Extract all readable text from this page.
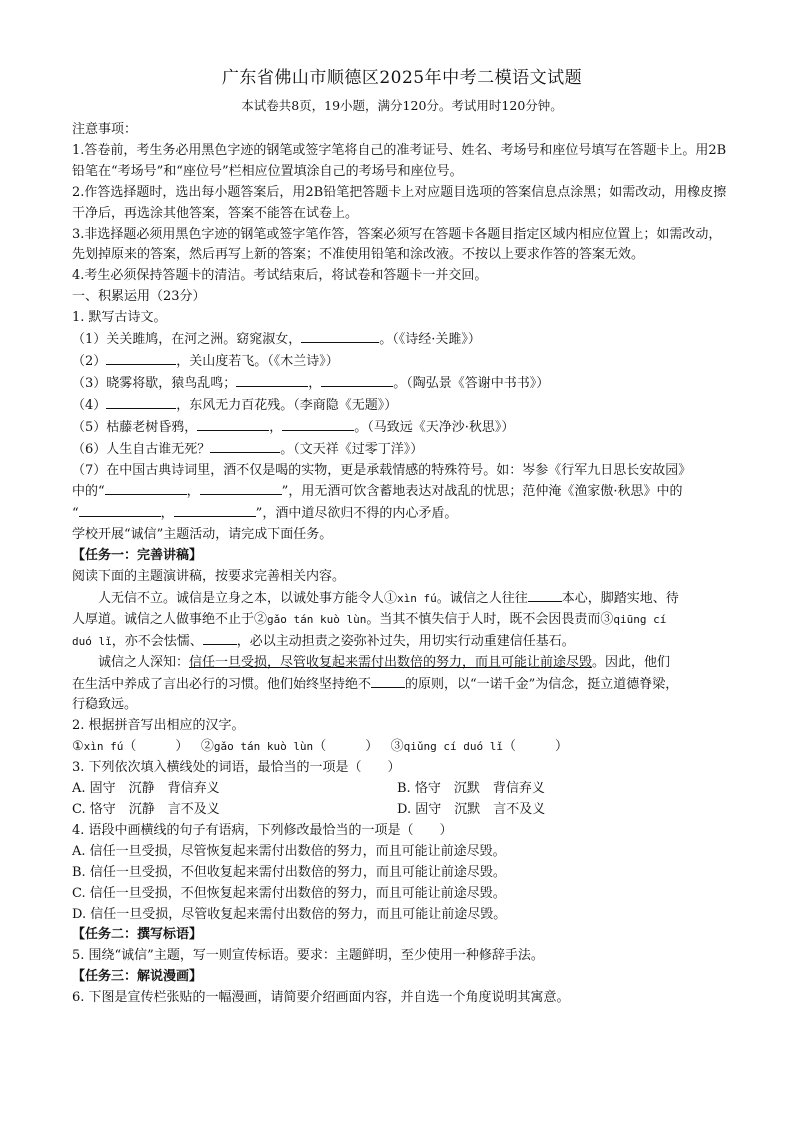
广东省佛山市顺德区2025年中考二模语文试题
本试卷共8页，19小题，满分120分。考试用时120分钟。
注意事项：
1.答卷前，考生务必用黑色字迹的钢笔或签字笔将自己的准考证号、姓名、考场号和座位号填写在答题卡上。用2B铅笔在“考场号”和“座位号”栏相应位置填涂自己的考场号和座位号。
2.作答选择题时，选出每小题答案后，用2B铅笔把答题卡上对应题目选项的答案信息点涂黑；如需改动，用橡皮擦干净后，再选涂其他答案，答案不能答在试卷上。
3.非选择题必须用黑色字迹的钢笔或签字笔作答，答案必须写在答题卡各题目指定区域内相应位置上；如需改动，先划掉原来的答案，然后再写上新的答案；不准使用铅笔和涂改液。不按以上要求作答的答案无效。
4.考生必须保持答题卡的清洁。考试结束后，将试卷和答题卡一并交回。
一、积累运用（23分）
1. 默写古诗文。
（1）关关雎鸠，在河之洲。窈窕淑女，	。（《诗经·关雎》）
（2）	，关山度若飞。（《木兰诗》）
（3）晓雾将歇，猿鸟乱鸣；	，	。（陶弘景《答谢中书书》）
（4）	，东风无力百花残。（李商隐《无题》）
（5）枯藤老树昏鸦，	，	。（马致远《天净沙·秋思》）
（6）人生自古谁无死？	。（文天祥《过零丁洋》）
（7）在中国古典诗词里，酒不仅是喝的实物，更是承载情感的特殊符号。如：岑参《行军九日思长安故园》
中的“	，	”，用无酒可饮含蓄地表达对战乱的忧思；范仲淹《渔家傲·秋思》中的
“	，	”，酒中道尽欲归不得的内心矛盾。
学校开展“诚信”主题活动，请完成下面任务。
【任务一：完善讲稿】
阅读下面的主题演讲稿，按要求完善相关内容。
人无信不立。诚信是立身之本，以诚处事方能令人①xìn fú。诚信之人往往	本心，脚踏实地、待
人厚道。诚信之人做事绝不止于②gǎo tán kuò lùn。当其不慎失信于人时，既不会因畏责而③qiūng cí
duó lǐ，亦不会怯懦、	，必以主动担责之姿弥补过失，用切实行动重建信任基石。
诚信之人深知：信任一旦受损，尽管收复起来需付出数倍的努力，而且可能让前途尽毁。因此，他们
在生活中养成了言出必行的习惯。他们始终坚持绝不	的原则，以“一诺千金”为信念，挺立道德脊梁，
行稳致远。
2. 根据拼音写出相应的汉字。
①xìn fú（　　　） ②gǎo tán kuò lùn（　　　） ③qiǔng cí duó lǐ（　　　）
3. 下列依次填入横线处的词语，最恰当的一项是（　　）
A. 固守　沉静　背信弃义	B. 恪守　沉默　背信弃义
C. 恪守　沉静　言不及义	D. 固守　沉默　言不及义
4. 语段中画横线的句子有语病，下列修改最恰当的一项是（　　）
A. 信任一旦受损，尽管恢复起来需付出数倍的努力，而且可能让前途尽毁。
B. 信任一旦受损，不但收复起来需付出数倍的努力，而且可能让前途尽毁。
C. 信任一旦受损，不但恢复起来需付出数倍的努力，而且可能让前途尽毁。
D. 信任一旦受损，尽管收复起来需付出数倍的努力，而且可能让前途尽毁。
【任务二：撰写标语】
5. 围绕“诚信”主题，写一则宣传标语。要求：主题鲜明，至少使用一种修辞手法。
【任务三：解说漫画】
6. 下图是宣传栏张贴的一幅漫画，请简要介绍画面内容，并自选一个角度说明其寓意。
